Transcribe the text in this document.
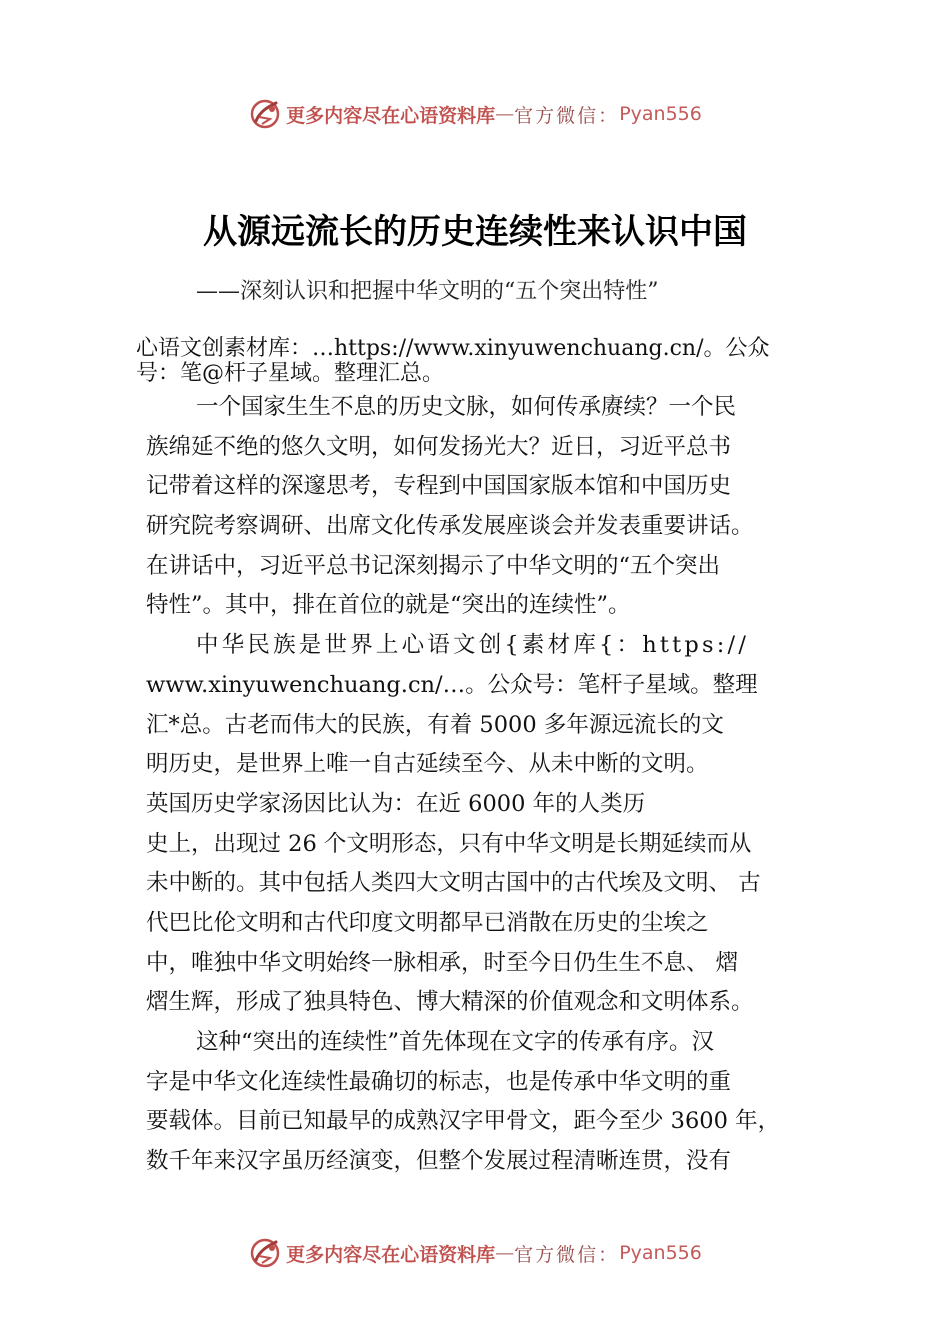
更多内容尽在心语资料库 — 官方微信： Pyan556
从源远流长的历史连续性来认识中国
——深刻认识和把握中华文明的“五个突出特性”

心语文创素材库：…https://www.xinyuwenchuang.cn/。公众

号：笔@杆子星域。整理汇总。

一个国家生生不息的历史文脉，如何传承赓续？一个民
族绵延不绝的悠久文明，如何发扬光大？近日，习近平总书
记带着这样的深邃思考，专程到中国国家版本馆和中国历史
研究院考察调研、出席文化传承发展座谈会并发表重要讲话。
在讲话中，习近平总书记深刻揭示了中华文明的“五个突出
特性”。其中，排在首位的就是“突出的连续性”。
中华民族是世界上心语文创{素材库{：https://
www.xinyuwenchuang.cn/…。公众号：笔杆子星域。整理
汇*总。古老而伟大的民族，有着 5000 多年源远流长的文
明历史，是世界上唯一自古延续至今、从未中断的文明。
英国历史学家汤因比认为：在近 6000 年的人类历
史上，出现过 26 个文明形态，只有中华文明是长期延续而从
未中断的。其中包括人类四大文明古国中的古代埃及文明、 古
代巴比伦文明和古代印度文明都早已消散在历史的尘埃之
中，唯独中华文明始终一脉相承，时至今日仍生生不息、 熠
熠生辉，形成了独具特色、博大精深的价值观念和文明体系。
这种“突出的连续性”首先体现在文字的传承有序。汉
字是中华文化连续性最确切的标志，也是传承中华文明的重
要载体。目前已知最早的成熟汉字甲骨文，距今至少 3600 年，
数千年来汉字虽历经演变，但整个发展过程清晰连贯，没有
更多内容尽在心语资料库 — 官方微信： Pyan556
